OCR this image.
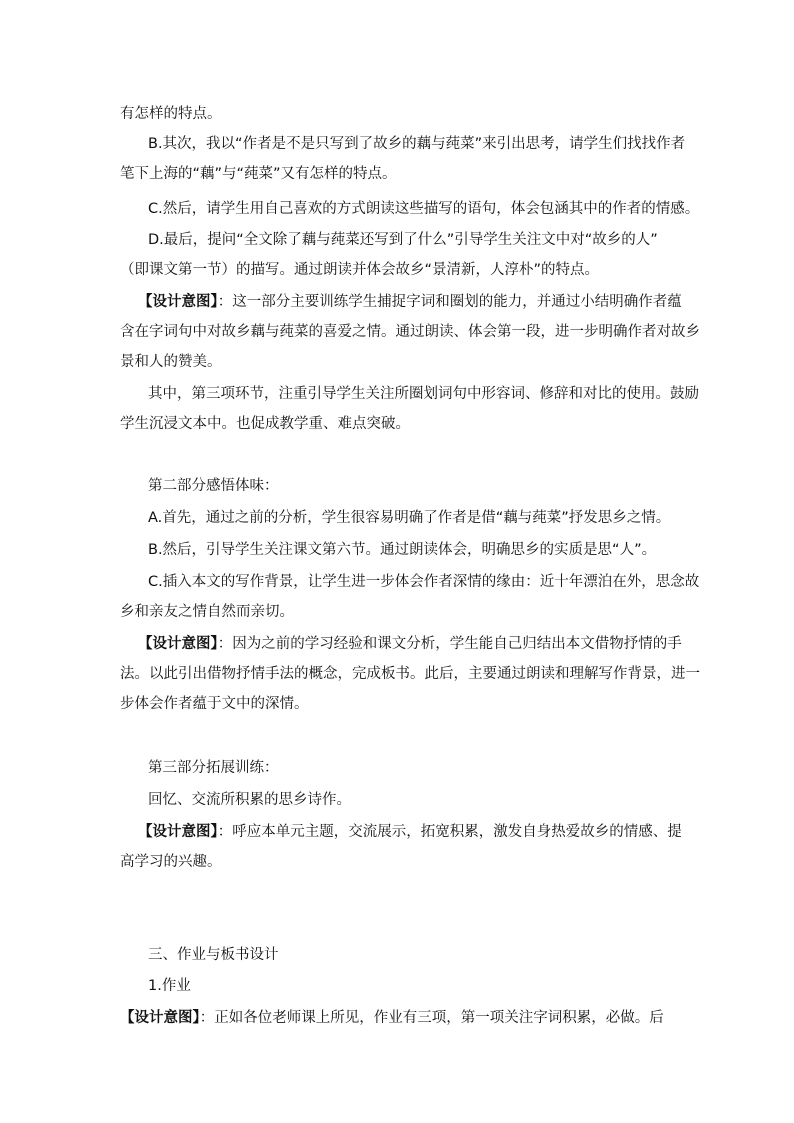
有怎样的特点。
B.其次，我以“作者是不是只写到了故乡的藕与莼菜”来引出思考，请学生们找找作者
笔下上海的“藕”与“莼菜”又有怎样的特点。
C.然后，请学生用自己喜欢的方式朗读这些描写的语句，体会包涵其中的作者的情感。
D.最后，提问“全文除了藕与莼菜还写到了什么”引导学生关注文中对“故乡的人”
（即课文第一节）的描写。通过朗读并体会故乡“景清新，人淳朴”的特点。
【设计意图】：这一部分主要训练学生捕捉字词和圈划的能力，并通过小结明确作者蕴
含在字词句中对故乡藕与莼菜的喜爱之情。通过朗读、体会第一段，进一步明确作者对故乡
景和人的赞美。
其中，第三项环节，注重引导学生关注所圈划词句中形容词、修辞和对比的使用。鼓励
学生沉浸文本中。也促成教学重、难点突破。
第二部分感悟体味：
A.首先，通过之前的分析，学生很容易明确了作者是借“藕与莼菜”抒发思乡之情。
B.然后，引导学生关注课文第六节。通过朗读体会，明确思乡的实质是思“人”。
C.插入本文的写作背景，让学生进一步体会作者深情的缘由：近十年漂泊在外，思念故
乡和亲友之情自然而亲切。
【设计意图】：因为之前的学习经验和课文分析，学生能自己归结出本文借物抒情的手
法。以此引出借物抒情手法的概念，完成板书。此后，主要通过朗读和理解写作背景，进一
步体会作者蕴于文中的深情。
第三部分拓展训练：
回忆、交流所积累的思乡诗作。
【设计意图】：呼应本单元主题，交流展示，拓宽积累，激发自身热爱故乡的情感、提
高学习的兴趣。
三、作业与板书设计
1.作业
【设计意图】：正如各位老师课上所见，作业有三项，第一项关注字词积累，必做。后
